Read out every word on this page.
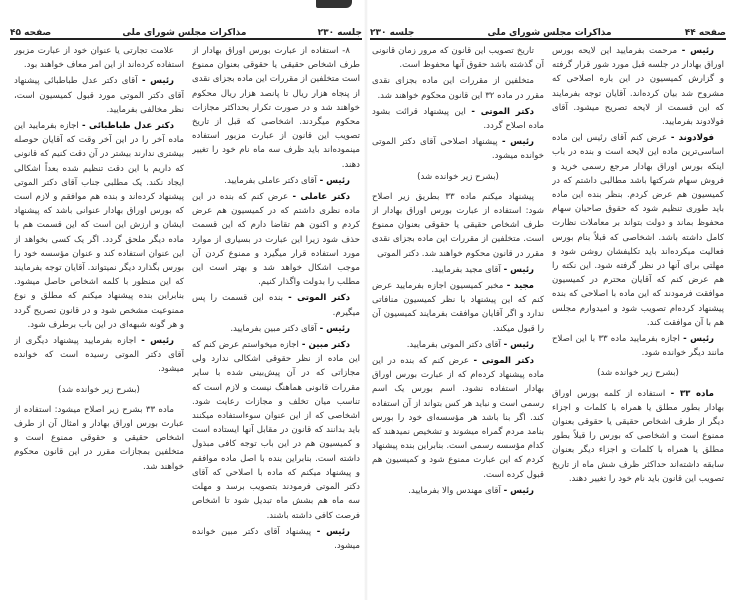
صفحه ۴۵	مذاکرات مجلس شورای ملی	جلسه ۲۳۰

۸- استفاده از عبارت بورس اوراق بهادار از طرف اشخاص حقیقی یا حقوقی بعنوان ممنوع است متخلفین از مقررات این ماده بجزای نقدی از پنجاه هزار ریال تا پانصد هزار ریال محکوم خواهند شد و در صورت تکرار بحداکثر مجازات محکوم میگردند. اشخاصی که قبل از تاریخ تصویب این قانون از عبارت مزبور استفاده مینموده‌اند باید ظرف سه ماه نام خود را تغییر دهند.

رئیس - آقای دکتر عاملی بفرمایید.

دکتر عاملی - عرض کنم که بنده در این ماده نظری داشتم که در کمیسیون هم عرض کردم و اکنون هم تقاضا دارم که این قسمت حذف شود زیرا این عبارت در بسیاری از موارد مورد استفاده قرار میگیرد و ممنوع کردن آن موجب اشکال خواهد شد و بهتر است این مطلب را بدولت واگذار کنیم.

دکتر الموتی - بنده این قسمت را پس میگیرم.

رئیس - آقای دکتر مبین بفرمایید.

دکتر مبین - اجازه میخواستم عرض کنم که این ماده از نظر حقوقی اشکالی ندارد ولی مجازاتی که در آن پیش‌بینی شده با سایر مقررات قانونی هماهنگ نیست و لازم است که تناسب میان تخلف و مجازات رعایت شود. اشخاصی که از این عنوان سوءاستفاده میکنند باید بدانند که قانون در مقابل آنها ایستاده است و کمیسیون هم در این باب توجه کافی مبذول داشته است. بنابراین بنده با اصل ماده موافقم و پیشنهاد میکنم که ماده با اصلاحی که آقای دکتر الموتی فرمودند بتصویب برسد و مهلت سه ماه هم بشش ماه تبدیل شود تا اشخاص فرصت کافی داشته باشند.

رئیس - پیشنهاد آقای دکتر مبین خوانده میشود.

علامت تجارتی یا عنوان خود از عبارت مزبور استفاده کرده‌اند از این امر معاف خواهند بود.

رئیس - آقای دکتر عدل طباطبائی پیشنهاد آقای دکتر الموتی مورد قبول کمیسیون است، نظر مخالفی بفرمایید.

دکتر عدل طباطبائی - اجازه بفرمایید این ماده آخر را در این آخر وقت که آقایان حوصله بیشتری ندارند بیشتر در آن دقت کنیم که قانونی که داریم با این دقت تنظیم شده بعداً اشکالی ایجاد نکند. یک مطلبی جناب آقای دکتر الموتی پیشنهاد کرده‌اند و بنده هم موافقم و لازم است که بورس اوراق بهادار عنوانی باشد که پیشنهاد ایشان و ارزش این است که این قسمت هم با ماده دیگر ملحق گردد. اگر یک کسی بخواهد از این عنوان استفاده کند و عنوان مؤسسه خود را بورس بگذارد دیگر نمیتواند. آقایان توجه بفرمایند که این منظور با کلمه اشخاص حاصل میشود. بنابراین بنده پیشنهاد میکنم که مطلق و نوع ممنوعیت مشخص شود و در قانون تصریح گردد و هر گونه شبهه‌ای در این باب برطرف شود.

رئیس - اجازه بفرمایید پیشنهاد دیگری از آقای دکتر الموتی رسیده است که خوانده میشود.

(بشرح زیر خوانده شد)

ماده ۳۳ بشرح زیر اصلاح میشود: استفاده از عبارت بورس اوراق بهادار و امثال آن از طرف اشخاص حقیقی و حقوقی ممنوع است و متخلفین بمجازات مقرر در این قانون محکوم خواهند شد.

جلسه ۲۳۰	مذاکرات مجلس شورای ملی	صفحه ۴۴

رئیس - مرحمت بفرمایید این لایحه بورس اوراق بهادار در جلسه قبل مورد شور قرار گرفته و گزارش کمیسیون در این باره اصلاحی که مشروح شد بیان کرده‌اند. آقایان توجه بفرمایند که این قسمت از لایحه تصریح میشود. آقای فولادوند بفرمایید.

فولادوند - عرض کنم آقای رئیس این ماده اساسی‌ترین ماده این لایحه است و بنده در باب اینکه بورس اوراق بهادار مرجع رسمی خرید و فروش سهام شرکتها باشد مطالبی داشتم که در کمیسیون هم عرض کردم. بنظر بنده این ماده باید طوری تنظیم شود که حقوق صاحبان سهام محفوظ بماند و دولت بتواند بر معاملات نظارت کامل داشته باشد. اشخاصی که قبلاً بنام بورس فعالیت میکرده‌اند باید تکلیفشان روشن شود و مهلتی برای آنها در نظر گرفته شود. این نکته را هم عرض کنم که آقایان محترم در کمیسیون موافقت فرمودند که این ماده با اصلاحی که بنده پیشنهاد کرده‌ام تصویب شود و امیدوارم مجلس هم با آن موافقت کند.

رئیس - اجازه بفرمایید ماده ۳۳ با این اصلاح مانند دیگر خوانده شود.

(بشرح زیر خوانده شد)

ماده ۳۳ - استفاده از کلمه بورس اوراق بهادار بطور مطلق یا همراه با کلمات و اجزاء دیگر از طرف اشخاص حقیقی یا حقوقی بعنوان ممنوع است و اشخاصی که بورس را قبلاً بطور مطلق یا همراه با کلمات و اجزاء دیگر بعنوان سابقه داشته‌اند حداکثر ظرف شش ماه از تاریخ تصویب این قانون باید نام خود را تغییر دهند.

تاریخ تصویب این قانون که مرور زمان قانونی آن گذشته باشد حقوق آنها محفوظ است.

متخلفین از مقررات این ماده بجزای نقدی مقرر در ماده ۳۲ این قانون محکوم خواهند شد.

دکتر الموتی - این پیشنهاد قرائت بشود ماده اصلاح گردد.

رئیس - پیشنهاد اصلاحی آقای دکتر الموتی خوانده میشود.

(بشرح زیر خوانده شد)

پیشنهاد میکنم ماده ۳۳ بطریق زیر اصلاح شود: استفاده از عبارت بورس اوراق بهادار از طرف اشخاص حقیقی یا حقوقی بعنوان ممنوع است. متخلفین از مقررات این ماده بجزای نقدی مقرر در قانون محکوم خواهند شد. دکتر الموتی

رئیس - آقای مجید بفرمایید.

مجید - مخبر کمیسیون اجازه بفرمایید عرض کنم که این پیشنهاد با نظر کمیسیون منافاتی ندارد و اگر آقایان موافقت بفرمایند کمیسیون آن را قبول میکند.

رئیس - آقای دکتر الموتی بفرمایید.

دکتر الموتی - عرض کنم که بنده در این ماده پیشنهاد کرده‌ام که از عبارت بورس اوراق بهادار استفاده نشود. اسم بورس یک اسم رسمی است و نباید هر کس بتواند از آن استفاده کند. اگر بنا باشد هر مؤسسه‌ای خود را بورس بنامد مردم گمراه میشوند و تشخیص نمیدهند که کدام مؤسسه رسمی است. بنابراین بنده پیشنهاد کردم که این عبارت ممنوع شود و کمیسیون هم قبول کرده است.

رئیس - آقای مهندس والا بفرمایید.
